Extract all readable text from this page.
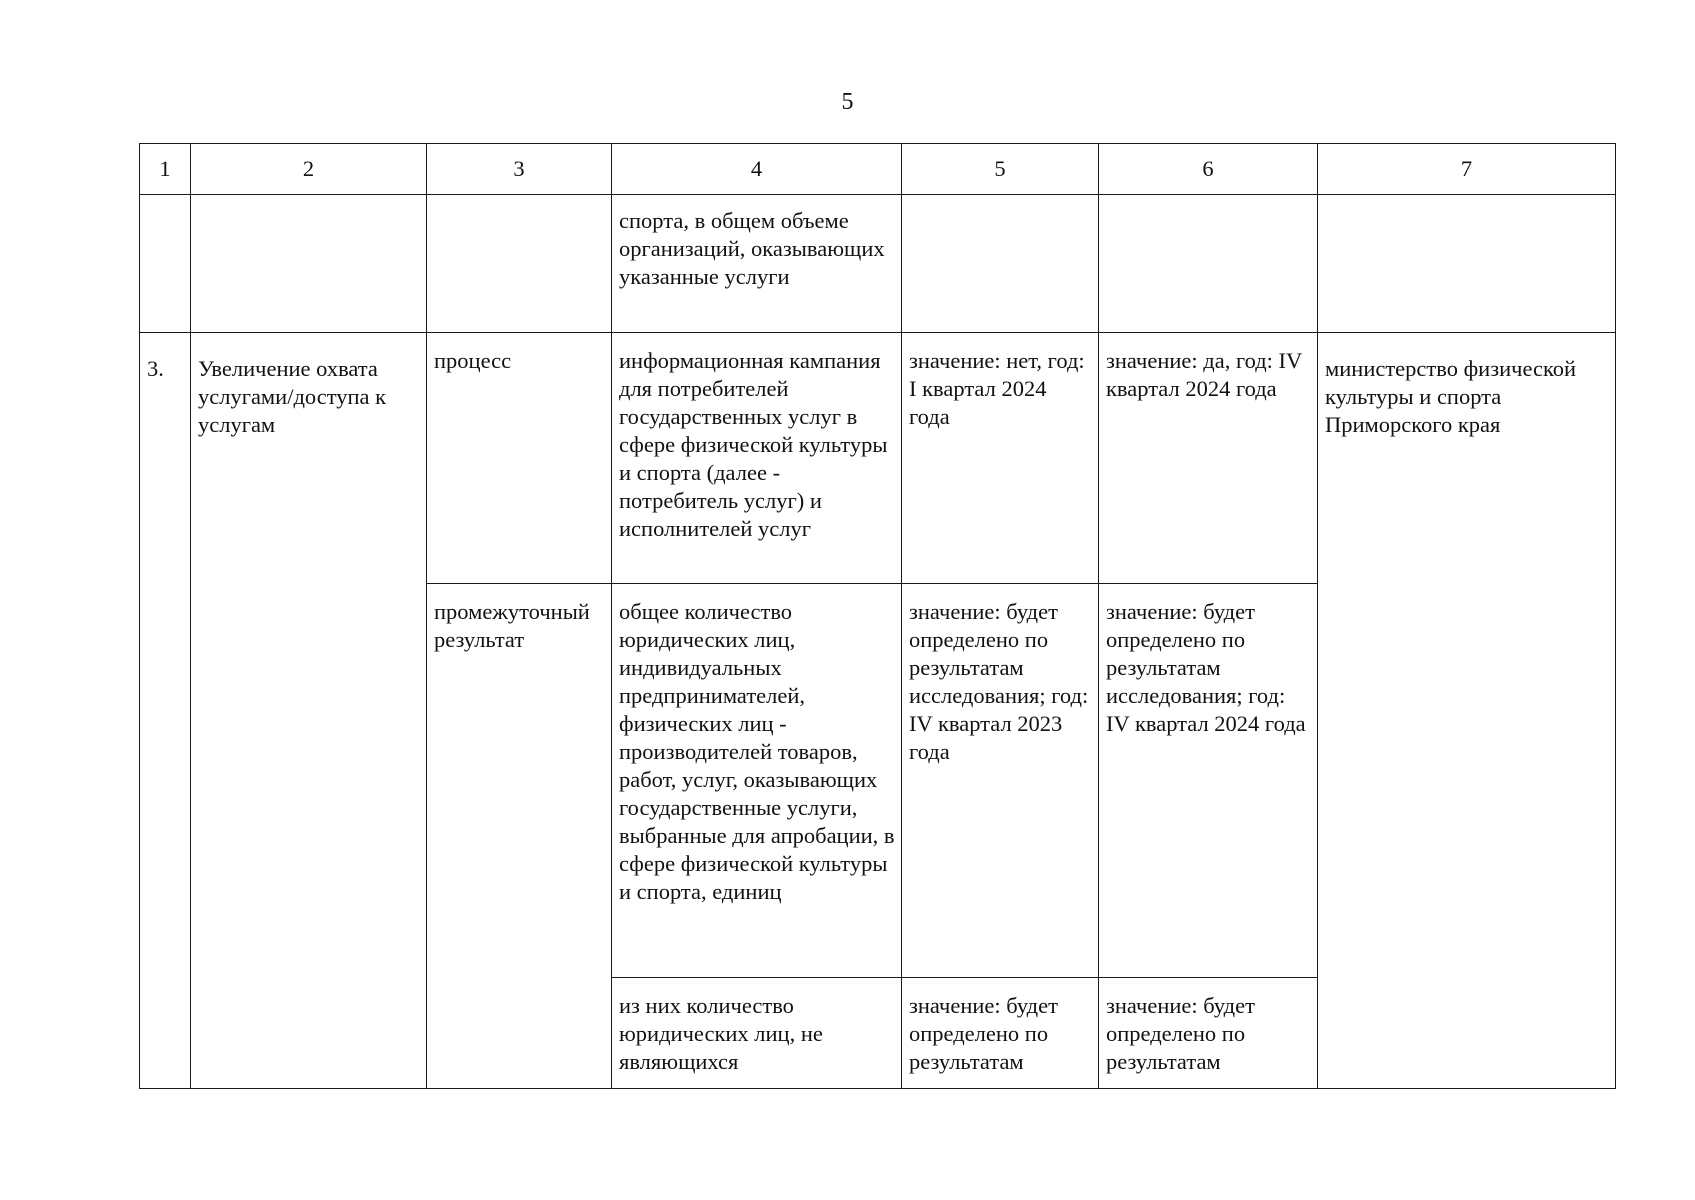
5
1	2	3	4	5	6	7
			спорта, в общем объеме организаций, оказывающих указанные услуги			
3.	Увеличение охвата услугами/доступа к услугам	процесс	информационная кампания для потребителей государственных услуг в сфере физической культуры и спорта (далее - потребитель услуг) и исполнителей услуг	значение: нет, год: I квартал 2024 года	значение: да, год: IV квартал 2024 года	министерство физической культуры и спорта Приморского края
		промежуточный результат	общее количество юридических лиц, индивидуальных предпринимателей, физических лиц - производителей товаров, работ, услуг, оказывающих государственные услуги, выбранные для апробации, в сфере физической культуры и спорта, единиц	значение: будет определено по результатам исследования; год: IV квартал 2023 года	значение: будет определено по результатам исследования; год: IV квартал 2024 года	
			из них количество юридических лиц, не являющихся	значение: будет определено по результатам	значение: будет определено по результатам	
